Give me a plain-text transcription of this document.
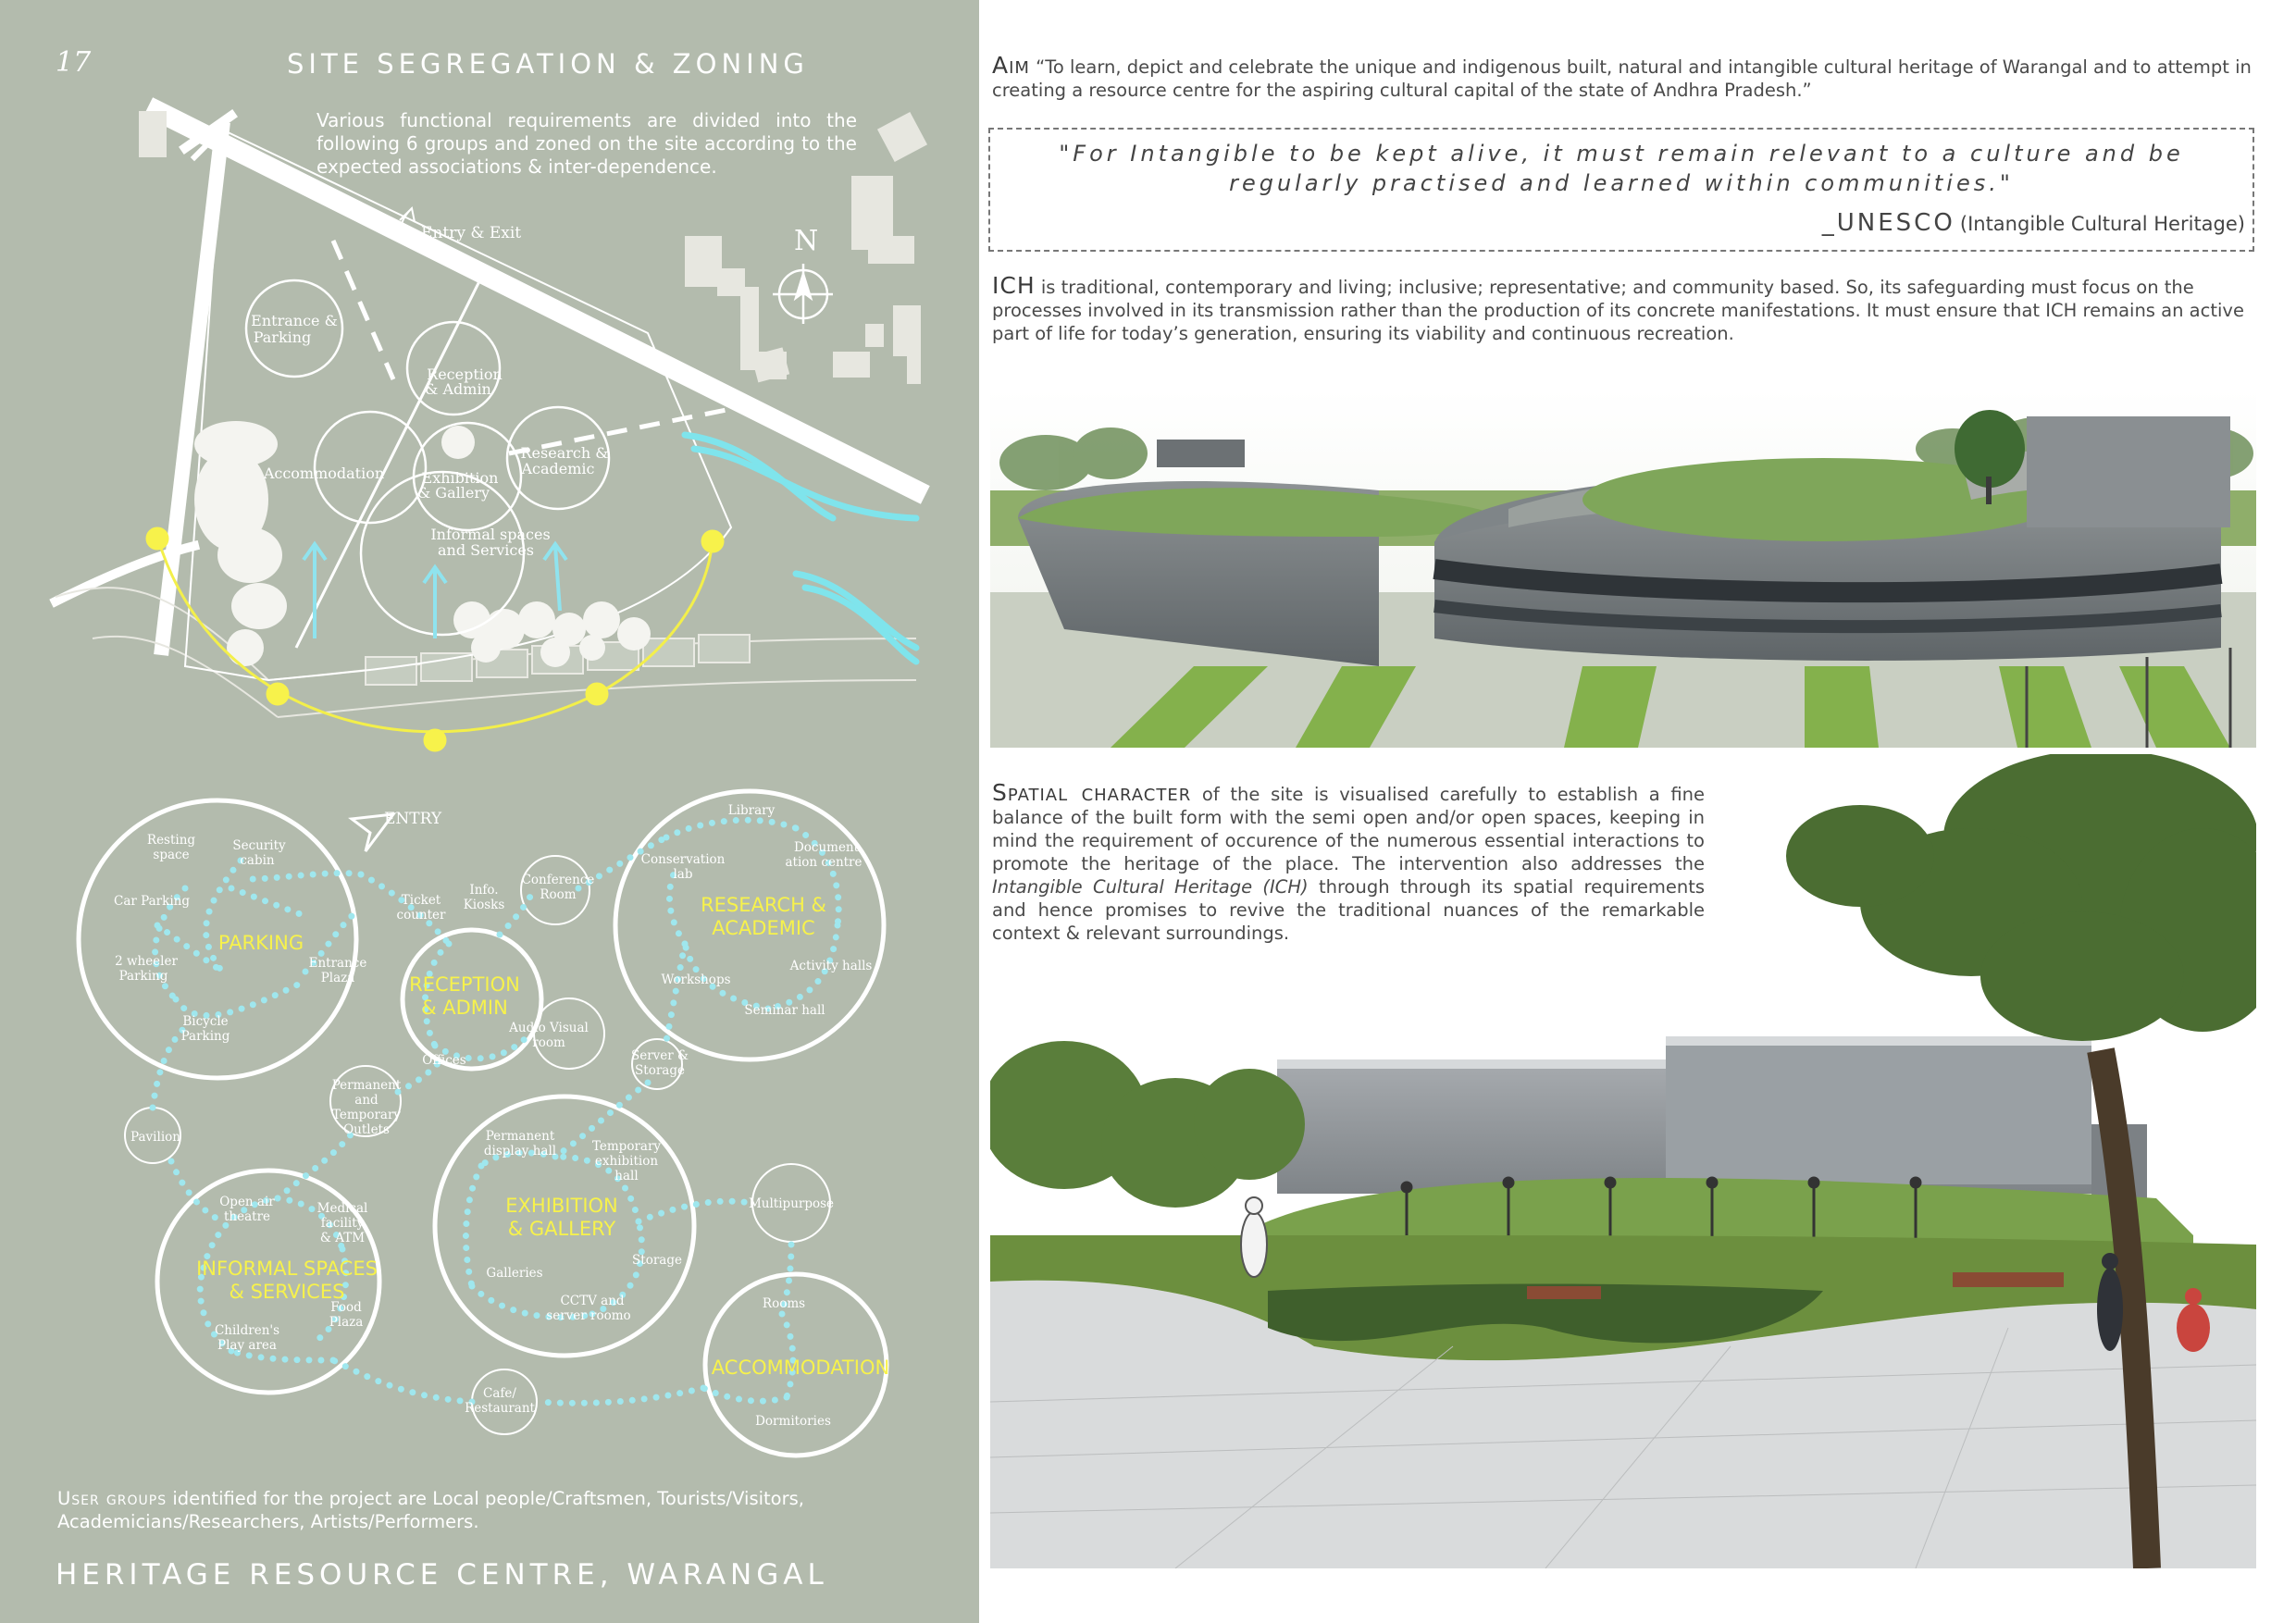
Entry & Exit	N
Entrance &
Parking
Reception
& Admin
Accommodation
Research &
Academic
Exhibition
& Gallery
Informal spaces
and Services
17	SITE SEGREGATION & ZONING
Various functional requirements are divided into the following 6 groups and zoned on the site according to the expected associations & inter-dependence.
ENTRY
PARKING
RECEPTION
& ADMIN
RESEARCH &
ACADEMIC
EXHIBITION
& GALLERY
INFORMAL SPACES
& SERVICES
ACCOMMODATION
Resting
space
Security
cabin
Car Parking
2 wheeler
Parking
Entrance
Plaza
Bicycle
Parking
Ticket
counter
Info.
Kiosks
Conference
Room
Offices
Audio Visual
room
Library
Conservation
lab
Document
ation centre
Workshops
Activity halls
Seminar hall
Server &
Storage
Pavilion
Permanent
and
Temporary
Outlets	Permanent
display hall	Temporary
exhibition
hall
Storage
Galleries
CCTV and
server roomo
Open air
theatre
Medical
facility
& ATM
Children's
Play area
Food
Plaza
Multipurpose
Rooms
Dormitories
Cafe/
Restaurant
User groups identified for the project are Local people/Craftsmen, Tourists/Visitors, Academicians/Researchers, Artists/Performers.
HERITAGE RESOURCE CENTRE, WARANGAL
Aim “To learn, depict and celebrate the unique and indigenous built, natural and intangible cultural heritage of Warangal and to attempt in creating a resource centre for the aspiring cultural capital of the state of Andhra Pradesh.”
"For Intangible to be kept alive, it must remain relevant to a culture and be regularly practised and learned within communities."
_UNESCO (Intangible Cultural Heritage)
ICH is traditional, contemporary and living; inclusive; representative; and community based. So, its safeguarding must focus on the processes involved in its transmission rather than the production of its concrete manifestations. It must ensure that ICH remains an active part of life for today’s generation, ensuring its viability and continuous recreation.
Spatial character of the site is visualised carefully to establish a fine balance of the built form with the semi open and/or open spaces, keeping in mind the requirement of occurence of the numerous essential interactions to promote the heritage of the place. The intervention also addresses the Intangible Cultural Heritage (ICH) through through its spatial requirements and hence promises to revive the traditional nuances of the remarkable context & relevant surroundings.
